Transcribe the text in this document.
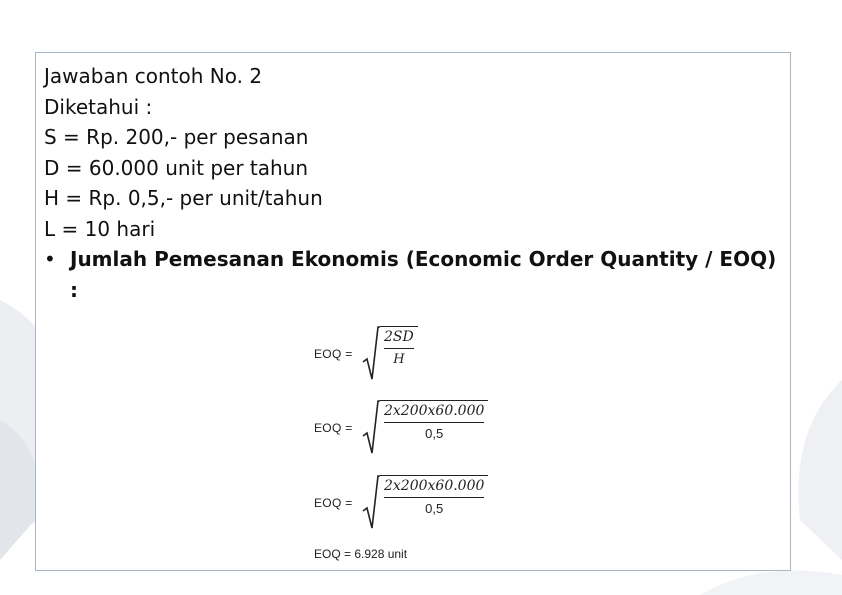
Jawaban contoh No. 2
Diketahui :
S = Rp. 200,- per pesanan
D = 60.000 unit per tahun
H = Rp. 0,5,- per unit/tahun
L = 10 hari
• Jumlah Pemesanan Ekonomis (Economic Order Quantity / EOQ)
:
EOQ =	$\frac{2SD}{H}$
EOQ =	$\frac{2x200x60.000}{0,5}$
EOQ =	$\frac{2x200x60.000}{0,5}$
EOQ = 6.928 unit
